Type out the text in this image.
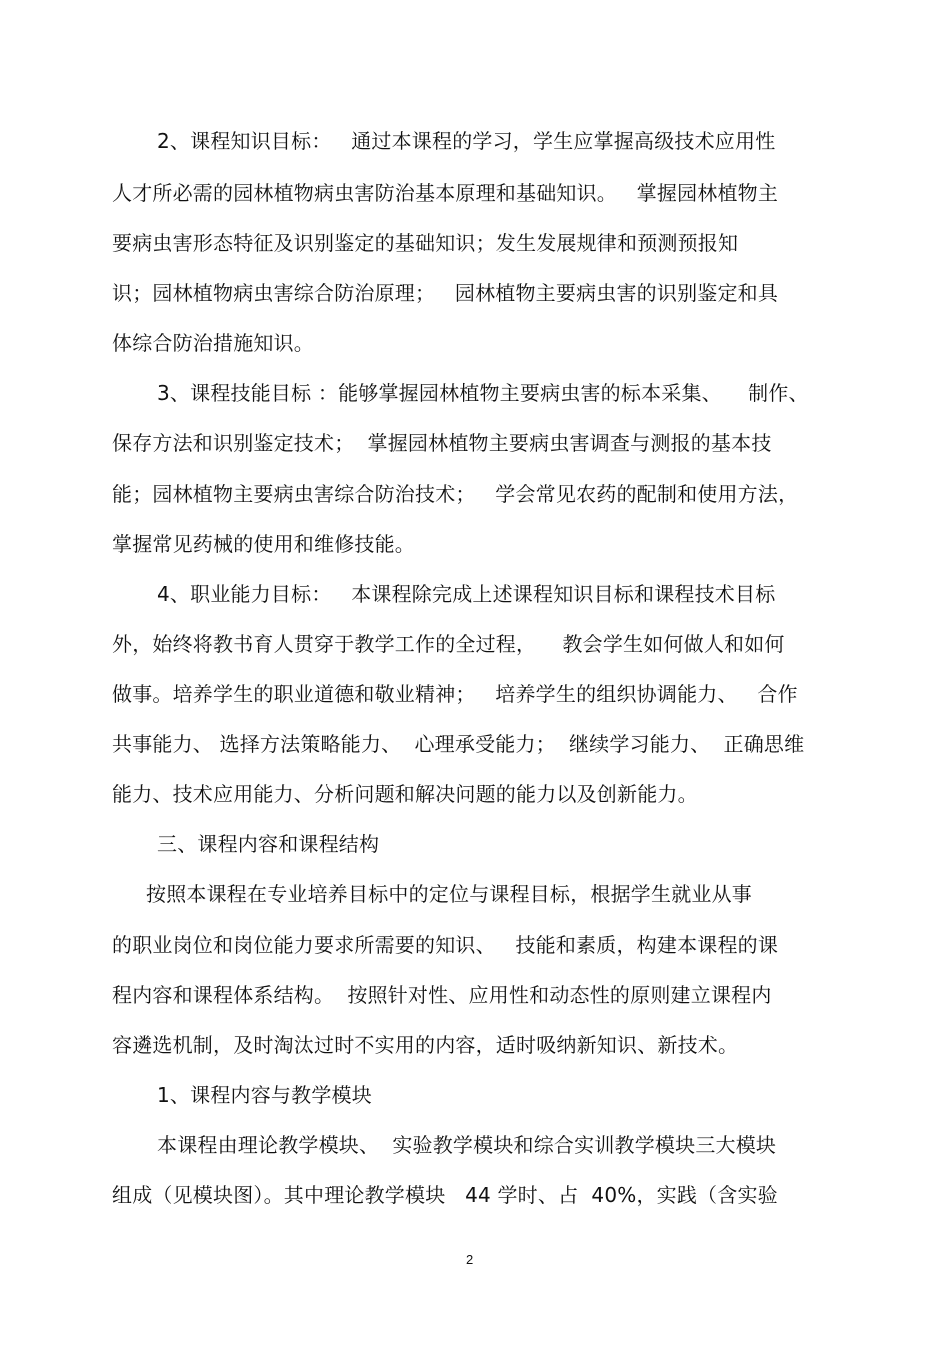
2、课程知识目标：   通过本课程的学习，学生应掌握高级技术应用性
人才所必需的园林植物病虫害防治基本原理和基础知识。   掌握园林植物主
要病虫害形态特征及识别鉴定的基础知识；发生发展规律和预测预报知
识；园林植物病虫害综合防治原理；   园林植物主要病虫害的识别鉴定和具
体综合防治措施知识。
3、课程技能目标 ：能够掌握园林植物主要病虫害的标本采集、    制作、
保存方法和识别鉴定技术；  掌握园林植物主要病虫害调查与测报的基本技
能；园林植物主要病虫害综合防治技术；   学会常见农药的配制和使用方法，
掌握常见药械的使用和维修技能。
4、职业能力目标：   本课程除完成上述课程知识目标和课程技术目标
外，始终将教书育人贯穿于教学工作的全过程，    教会学生如何做人和如何
做事。培养学生的职业道德和敬业精神；   培养学生的组织协调能力、   合作
共事能力、 选择方法策略能力、  心理承受能力；  继续学习能力、  正确思维
能力、技术应用能力、分析问题和解决问题的能力以及创新能力。
三、课程内容和课程结构
按照本课程在专业培养目标中的定位与课程目标，根据学生就业从事
的职业岗位和岗位能力要求所需要的知识、   技能和素质，构建本课程的课
程内容和课程体系结构。  按照针对性、应用性和动态性的原则建立课程内
容遴选机制，及时淘汰过时不实用的内容，适时吸纳新知识、新技术。
1、课程内容与教学模块
本课程由理论教学模块、  实验教学模块和综合实训教学模块三大模块
组成（见模块图）。其中理论教学模块   44 学时、占  40%，实践（含实验
2
